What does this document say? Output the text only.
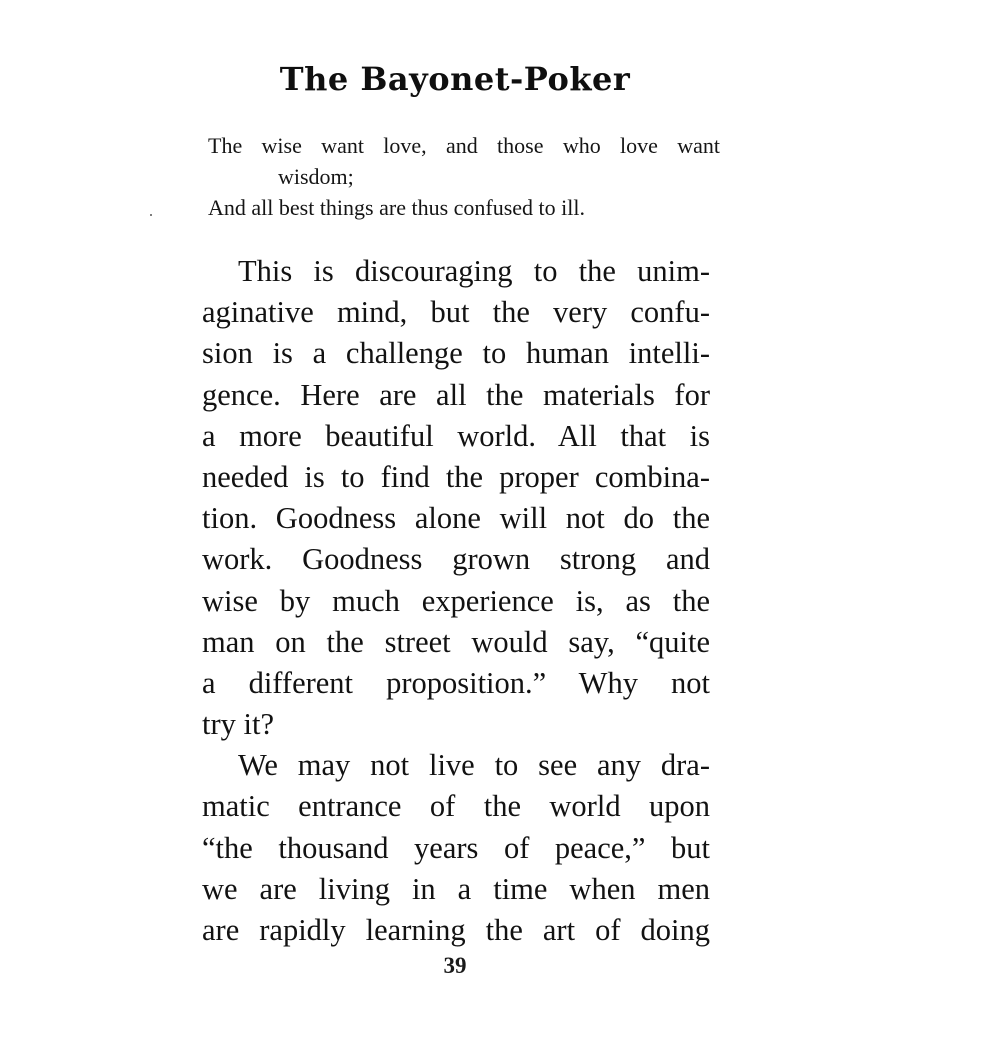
The Bayonet-Poker
The wise want love, and those who love want
wisdom;
And all best things are thus confused to ill.
This is discouraging to the unim-
aginative mind, but the very confu-
sion is a challenge to human intelli-
gence. Here are all the materials for
a more beautiful world. All that is
needed is to find the proper combina-
tion. Goodness alone will not do the
work. Goodness grown strong and
wise by much experience is, as the
man on the street would say, “quite
a different proposition.” Why not
try it?
We may not live to see any dra-
matic entrance of the world upon
“the thousand years of peace,” but
we are living in a time when men
are rapidly learning the art of doing
39
